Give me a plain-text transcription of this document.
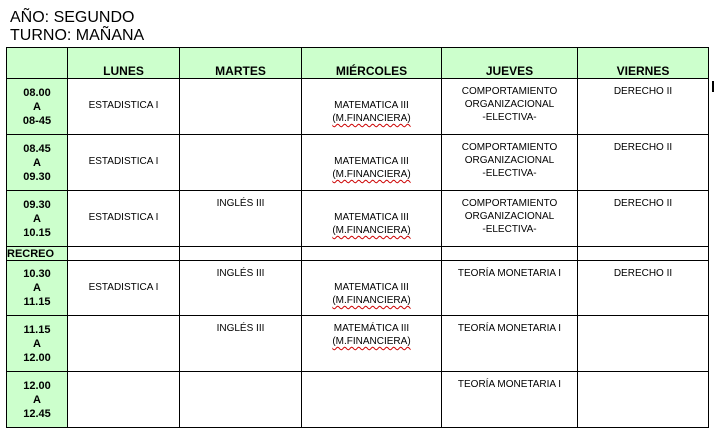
AÑO: SEGUNDO
TURNO: MAÑANA
	LUNES	MARTES	MIÉRCOLES	JUEVES	VIERNES
08.00
A
08-45	ESTADISTICA I		MATEMATICA III
(M.FINANCIERA)	COMPORTAMIENTO
ORGANIZACIONAL
-ELECTIVA-	DERECHO II

08.45
A
09.30	ESTADISTICA I		MATEMATICA III
(M.FINANCIERA)	COMPORTAMIENTO
ORGANIZACIONAL
-ELECTIVA-	DERECHO II

09.30
A
10.15	ESTADISTICA I	INGLÉS III	MATEMATICA III
(M.FINANCIERA)	COMPORTAMIENTO
ORGANIZACIONAL
-ELECTIVA-	DERECHO II

RECREO					
10.30
A
11.15	ESTADISTICA I	INGLÉS III	MATEMATICA III
(M.FINANCIERA)	TEORÍA MONETARIA I	DERECHO II

11.15
A
12.00		INGLÉS III	MATEMÁTICA III
(M.FINANCIERA)	TEORÍA MONETARIA I	

12.00
A
12.45				TEORÍA MONETARIA I	
